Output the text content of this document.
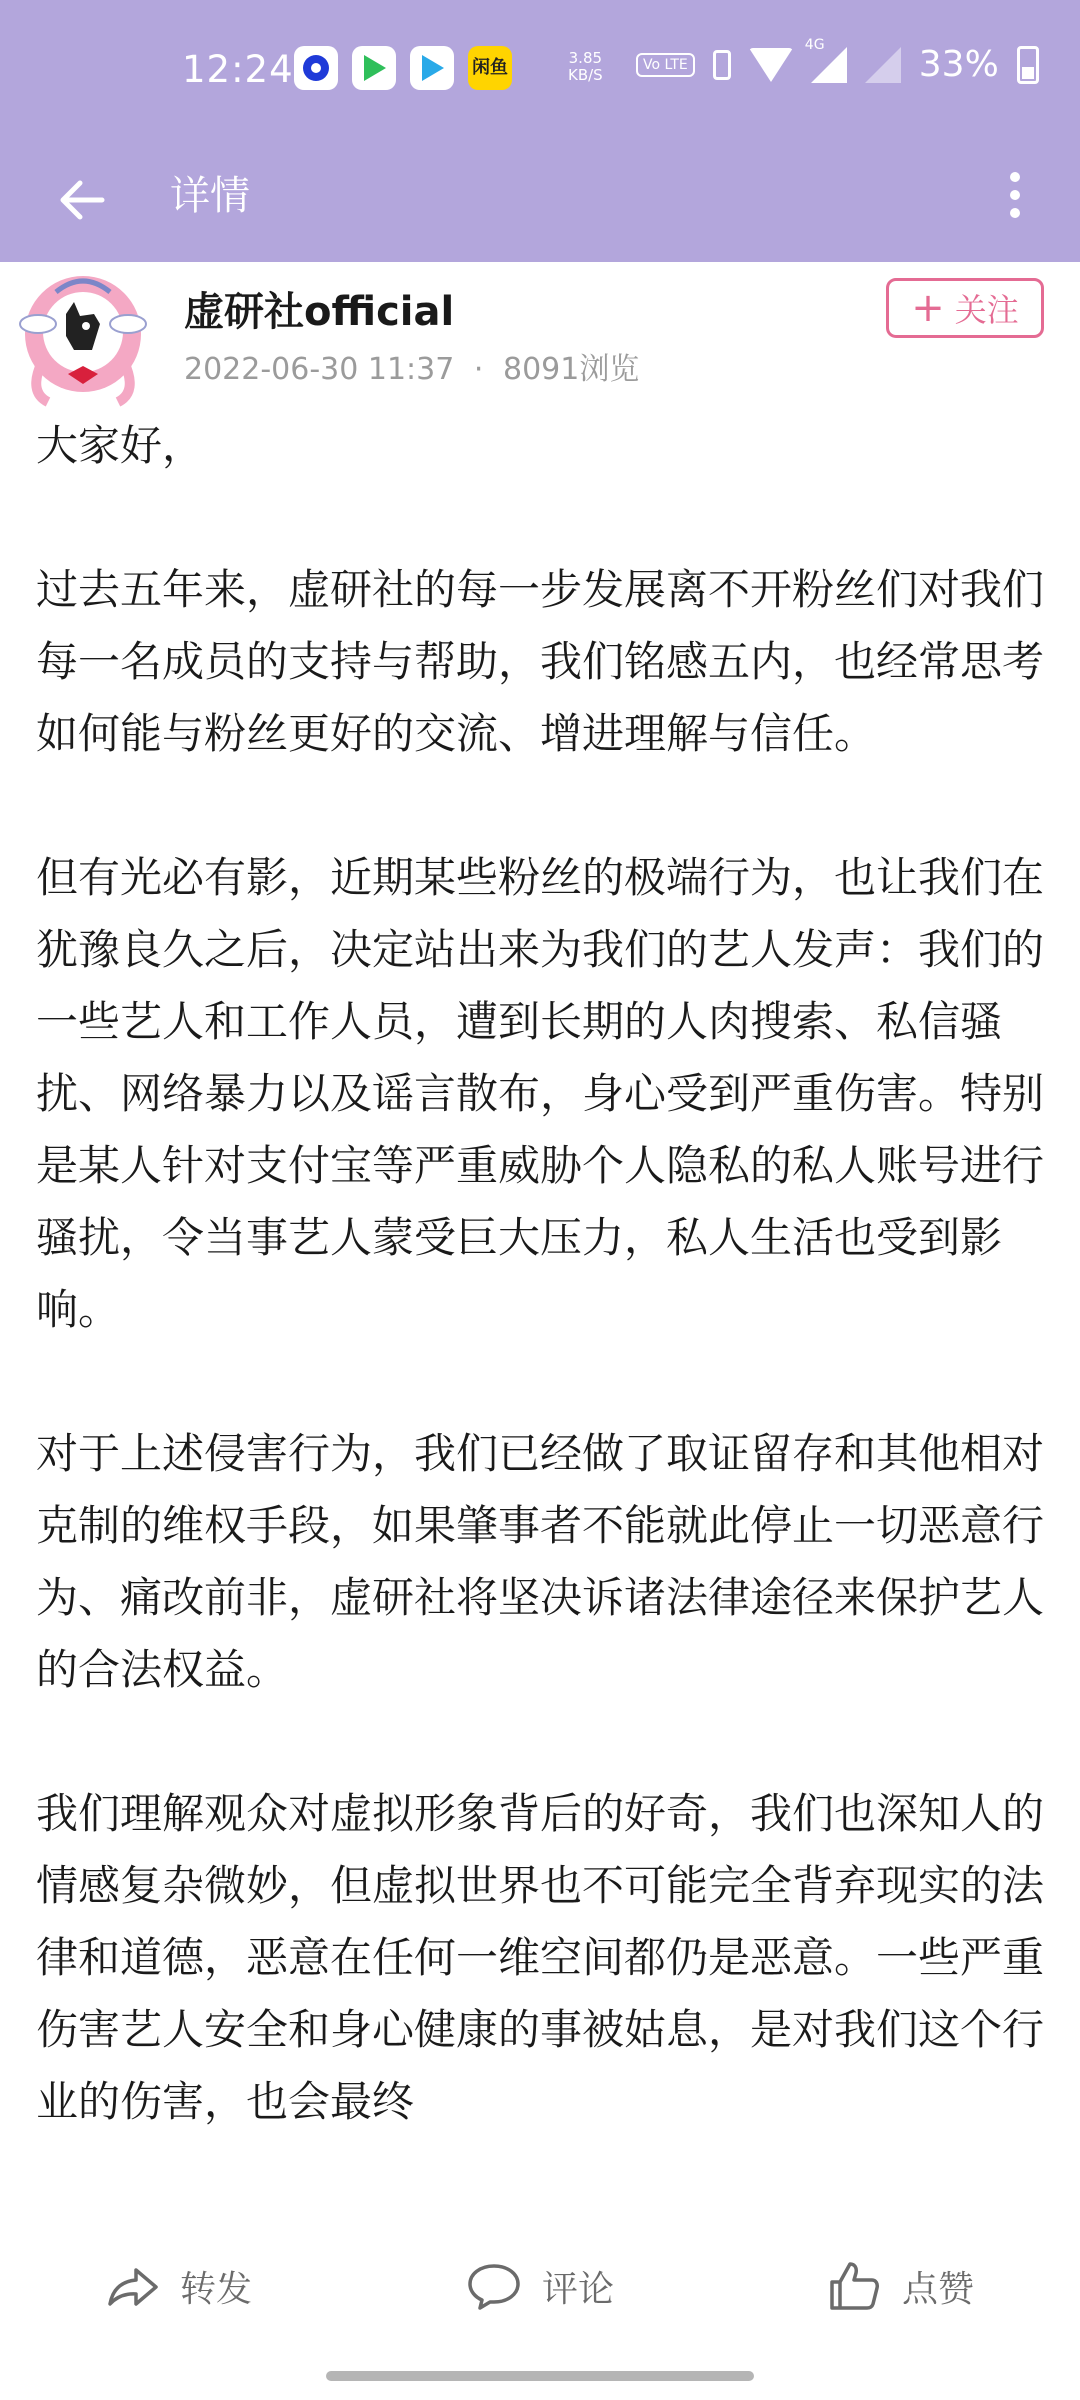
12:24	闲鱼	3.85
KB/S
Vo LTE
4G	33%
详情
虚研社official
2022-06-30 11:37 · 8091浏览
+ 关注

大家好，

过去五年来，虚研社的每一步发展离不开粉丝们对我们每一名成员的支持与帮助，我们铭感五内，也经常思考如何能与粉丝更好的交流、增进理解与信任。

但有光必有影，近期某些粉丝的极端行为，也让我们在犹豫良久之后，决定站出来为我们的艺人发声：我们的一些艺人和工作人员，遭到长期的人肉搜索、私信骚扰、网络暴力以及谣言散布，身心受到严重伤害。特别是某人针对支付宝等严重威胁个人隐私的私人账号进行骚扰，令当事艺人蒙受巨大压力，私人生活也受到影响。

对于上述侵害行为，我们已经做了取证留存和其他相对克制的维权手段，如果肇事者不能就此停止一切恶意行为、痛改前非，虚研社将坚决诉诸法律途径来保护艺人的合法权益。

我们理解观众对虚拟形象背后的好奇，我们也深知人的情感复杂微妙，但虚拟世界也不可能完全背弃现实的法律和道德，恶意在任何一维空间都仍是恶意。一些严重伤害艺人安全和身心健康的事被姑息，是对我们这个行业的伤害，也会最终

转发	评论	点赞
